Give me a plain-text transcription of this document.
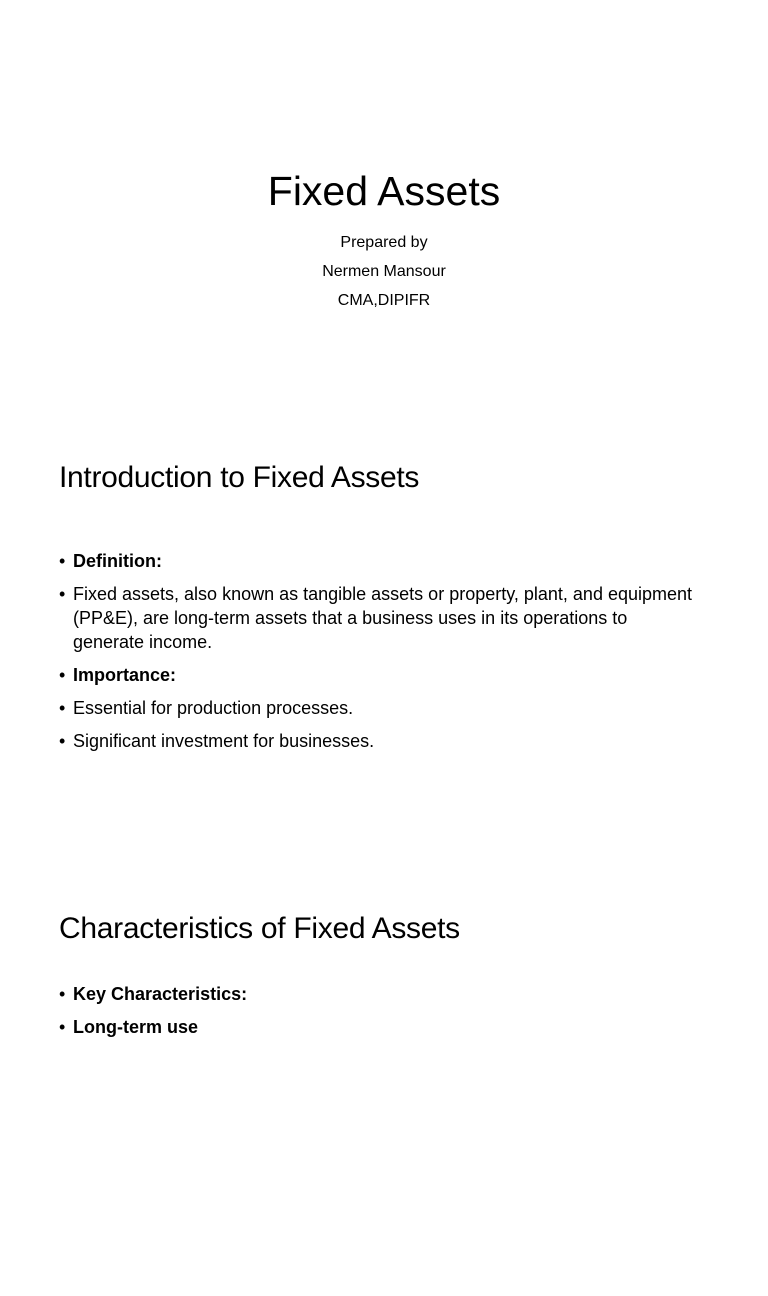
Fixed Assets
Prepared by
Nermen Mansour
CMA,DIPIFR
Introduction to Fixed Assets
• Definition:
• Fixed assets, also known as tangible assets or property, plant, and equipment (PP&E), are long-term assets that a business uses in its operations to generate income.
• Importance:
• Essential for production processes.
• Significant investment for businesses.
Characteristics of Fixed Assets
• Key Characteristics:
• Long-term use
